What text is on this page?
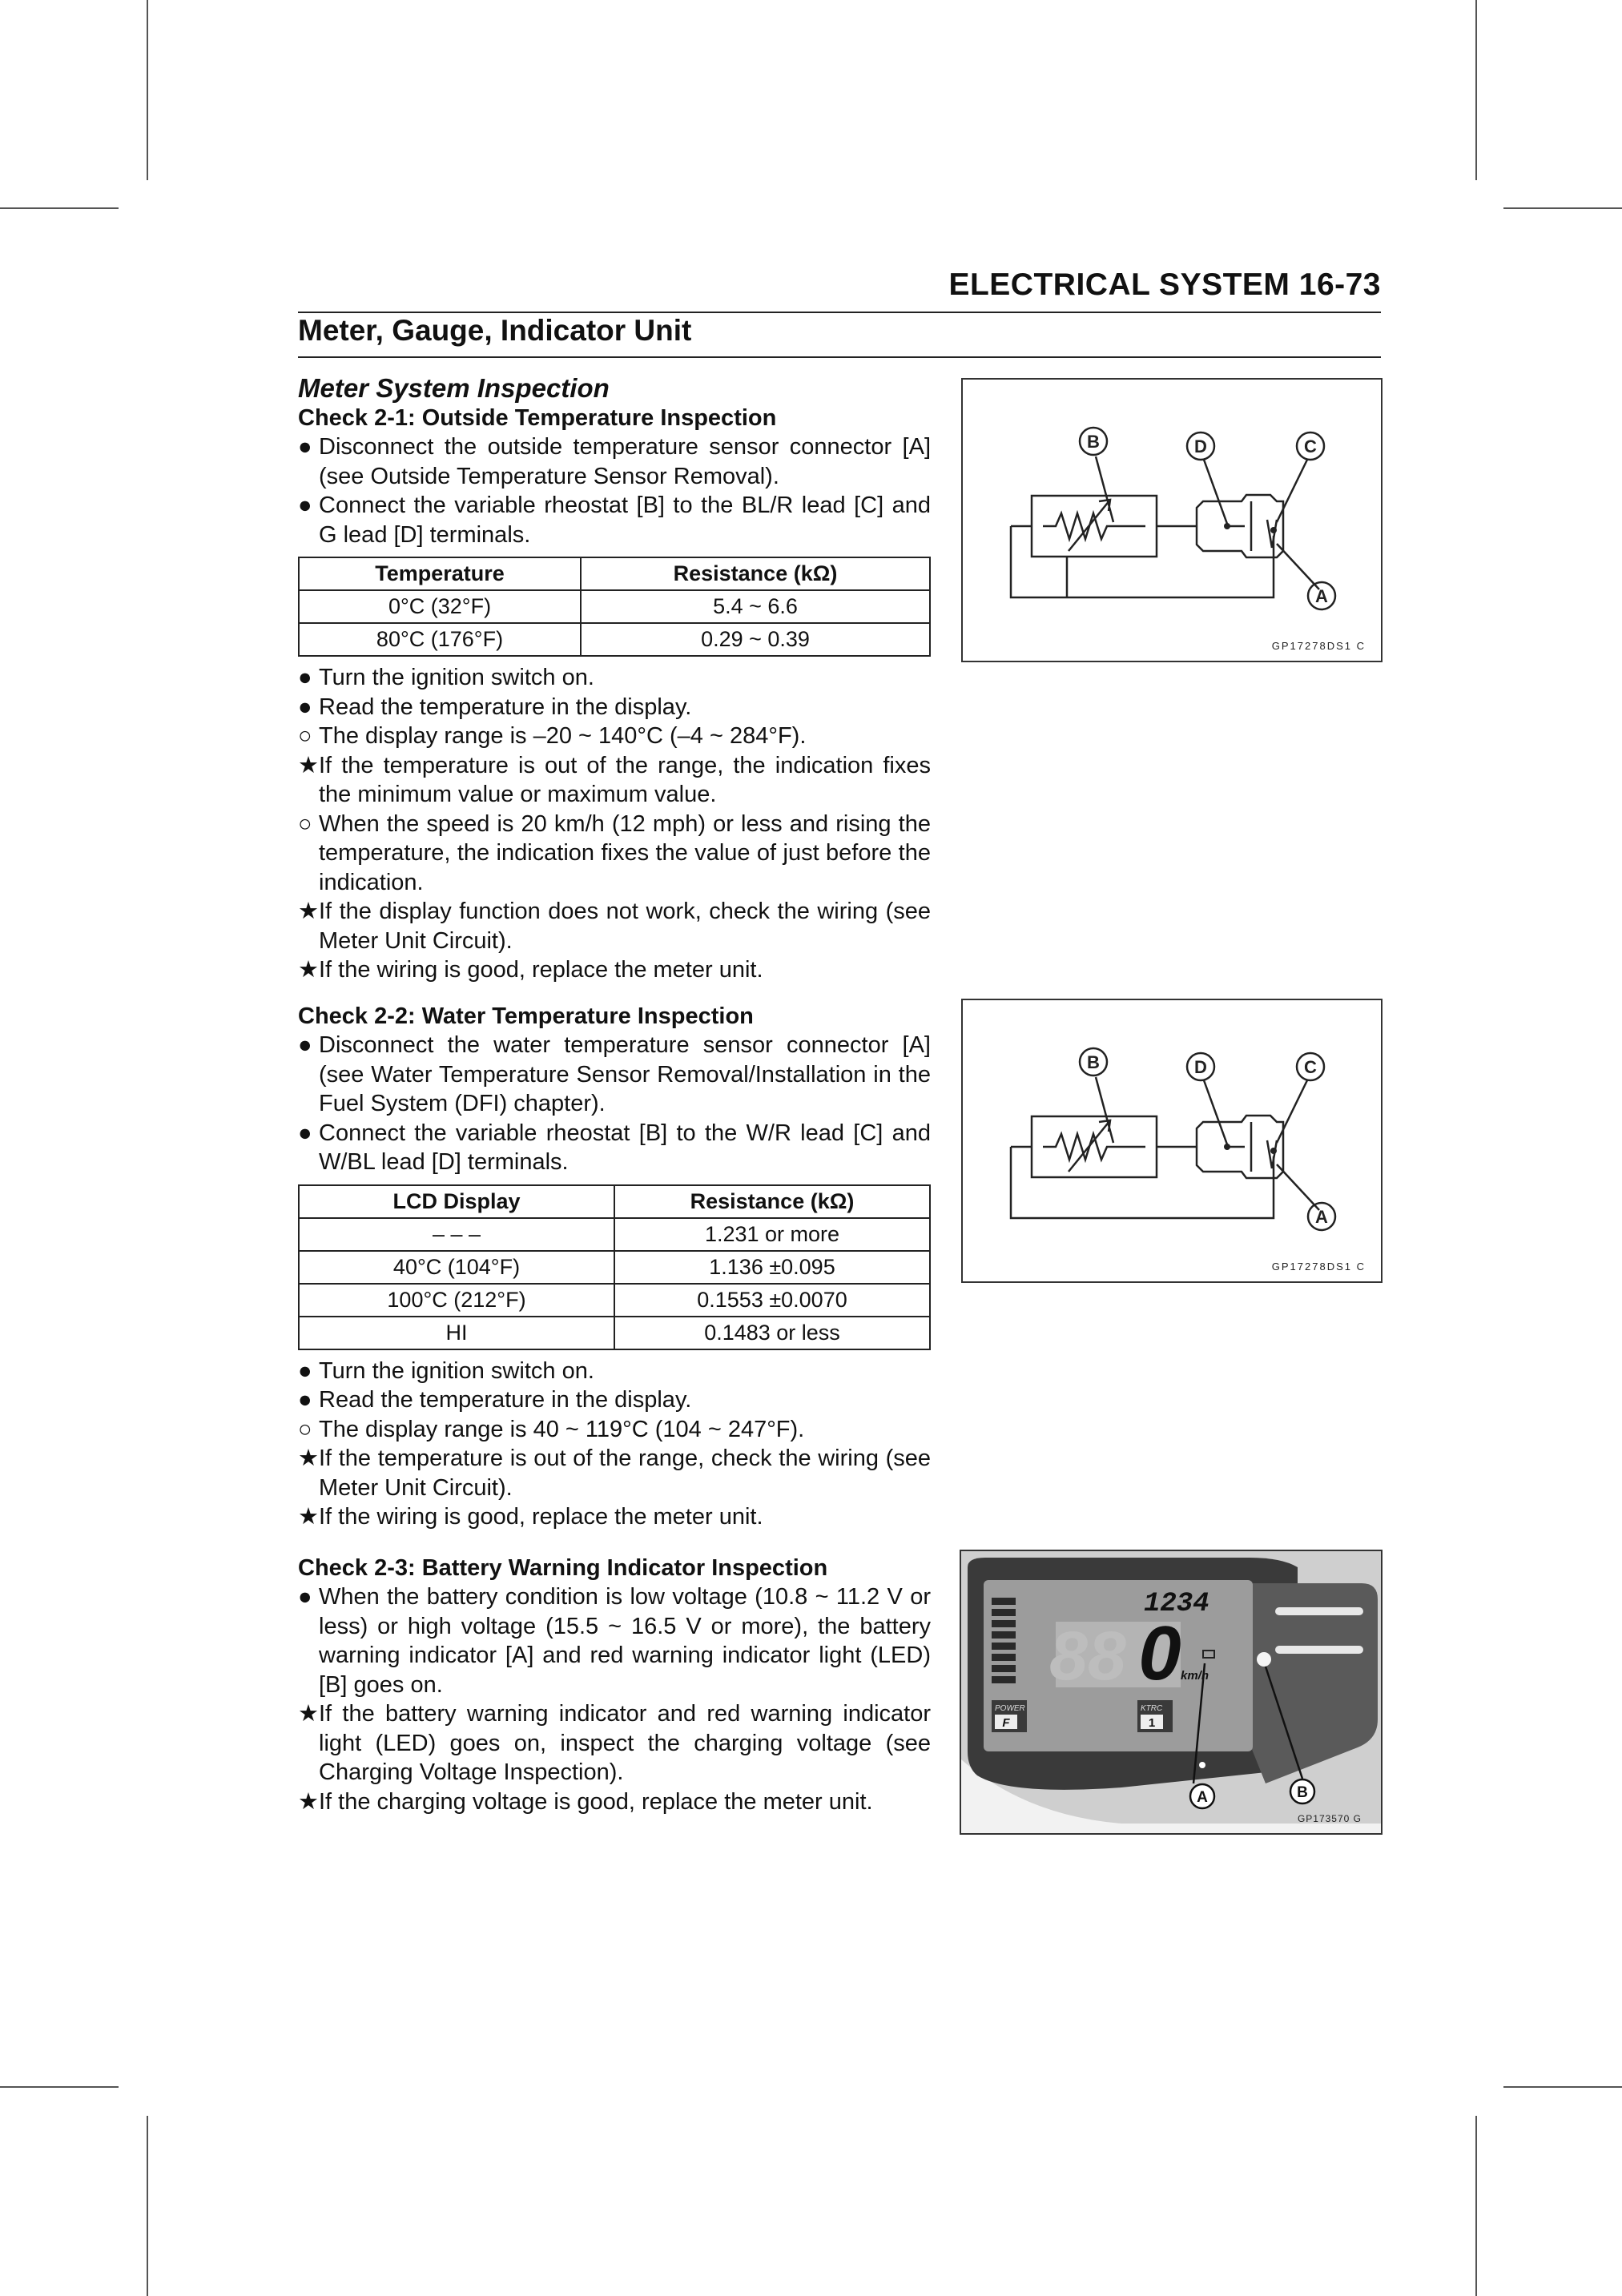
ELECTRICAL SYSTEM 16-73
Meter, Gauge, Indicator Unit
Meter System Inspection
Check 2-1: Outside Temperature Inspection
● Disconnect the outside temperature sensor connector [A] (see Outside Temperature Sensor Removal).
● Connect the variable rheostat [B] to the BL/R lead [C] and G lead [D] terminals.
Temperature	Resistance (kΩ)
0°C (32°F)	5.4 ~ 6.6
80°C (176°F)	0.29 ~ 0.39
● Turn the ignition switch on.
● Read the temperature in the display.
○ The display range is –20 ~ 140°C (–4 ~ 284°F).
★ If the temperature is out of the range, the indication fixes the minimum value or maximum value.
○ When the speed is 20 km/h (12 mph) or less and rising the temperature, the indication fixes the value of just before the indication.
★ If the display function does not work, check the wiring (see Meter Unit Circuit).
★ If the wiring is good, replace the meter unit.
Check 2-2: Water Temperature Inspection
● Disconnect the water temperature sensor connector [A] (see Water Temperature Sensor Removal/Installation in the Fuel System (DFI) chapter).
● Connect the variable rheostat [B] to the W/R lead [C] and W/BL lead [D] terminals.
LCD Display	Resistance (kΩ)
– – –	1.231 or more
40°C (104°F)	1.136 ±0.095
100°C (212°F)	0.1553 ±0.0070
HI	0.1483 or less
● Turn the ignition switch on.
● Read the temperature in the display.
○ The display range is 40 ~ 119°C (104 ~ 247°F).
★ If the temperature is out of the range, check the wiring (see Meter Unit Circuit).
★ If the wiring is good, replace the meter unit.
Check 2-3: Battery Warning Indicator Inspection
● When the battery condition is low voltage (10.8 ~ 11.2 V or less) or high voltage (15.5 ~ 16.5 V or more), the battery warning indicator [A] and red warning indicator light (LED) [B] goes on.
★ If the battery warning indicator and red warning indicator light (LED) goes on, inspect the charging voltage (see Charging Voltage Inspection).
★ If the charging voltage is good, replace the meter unit.
B	D	C
A
GP17278DS1 C
B	D	C
A
GP17278DS1 C
88 0 km/h
1234
POWER
F
KTRC
1
A	B
GP173570 G
